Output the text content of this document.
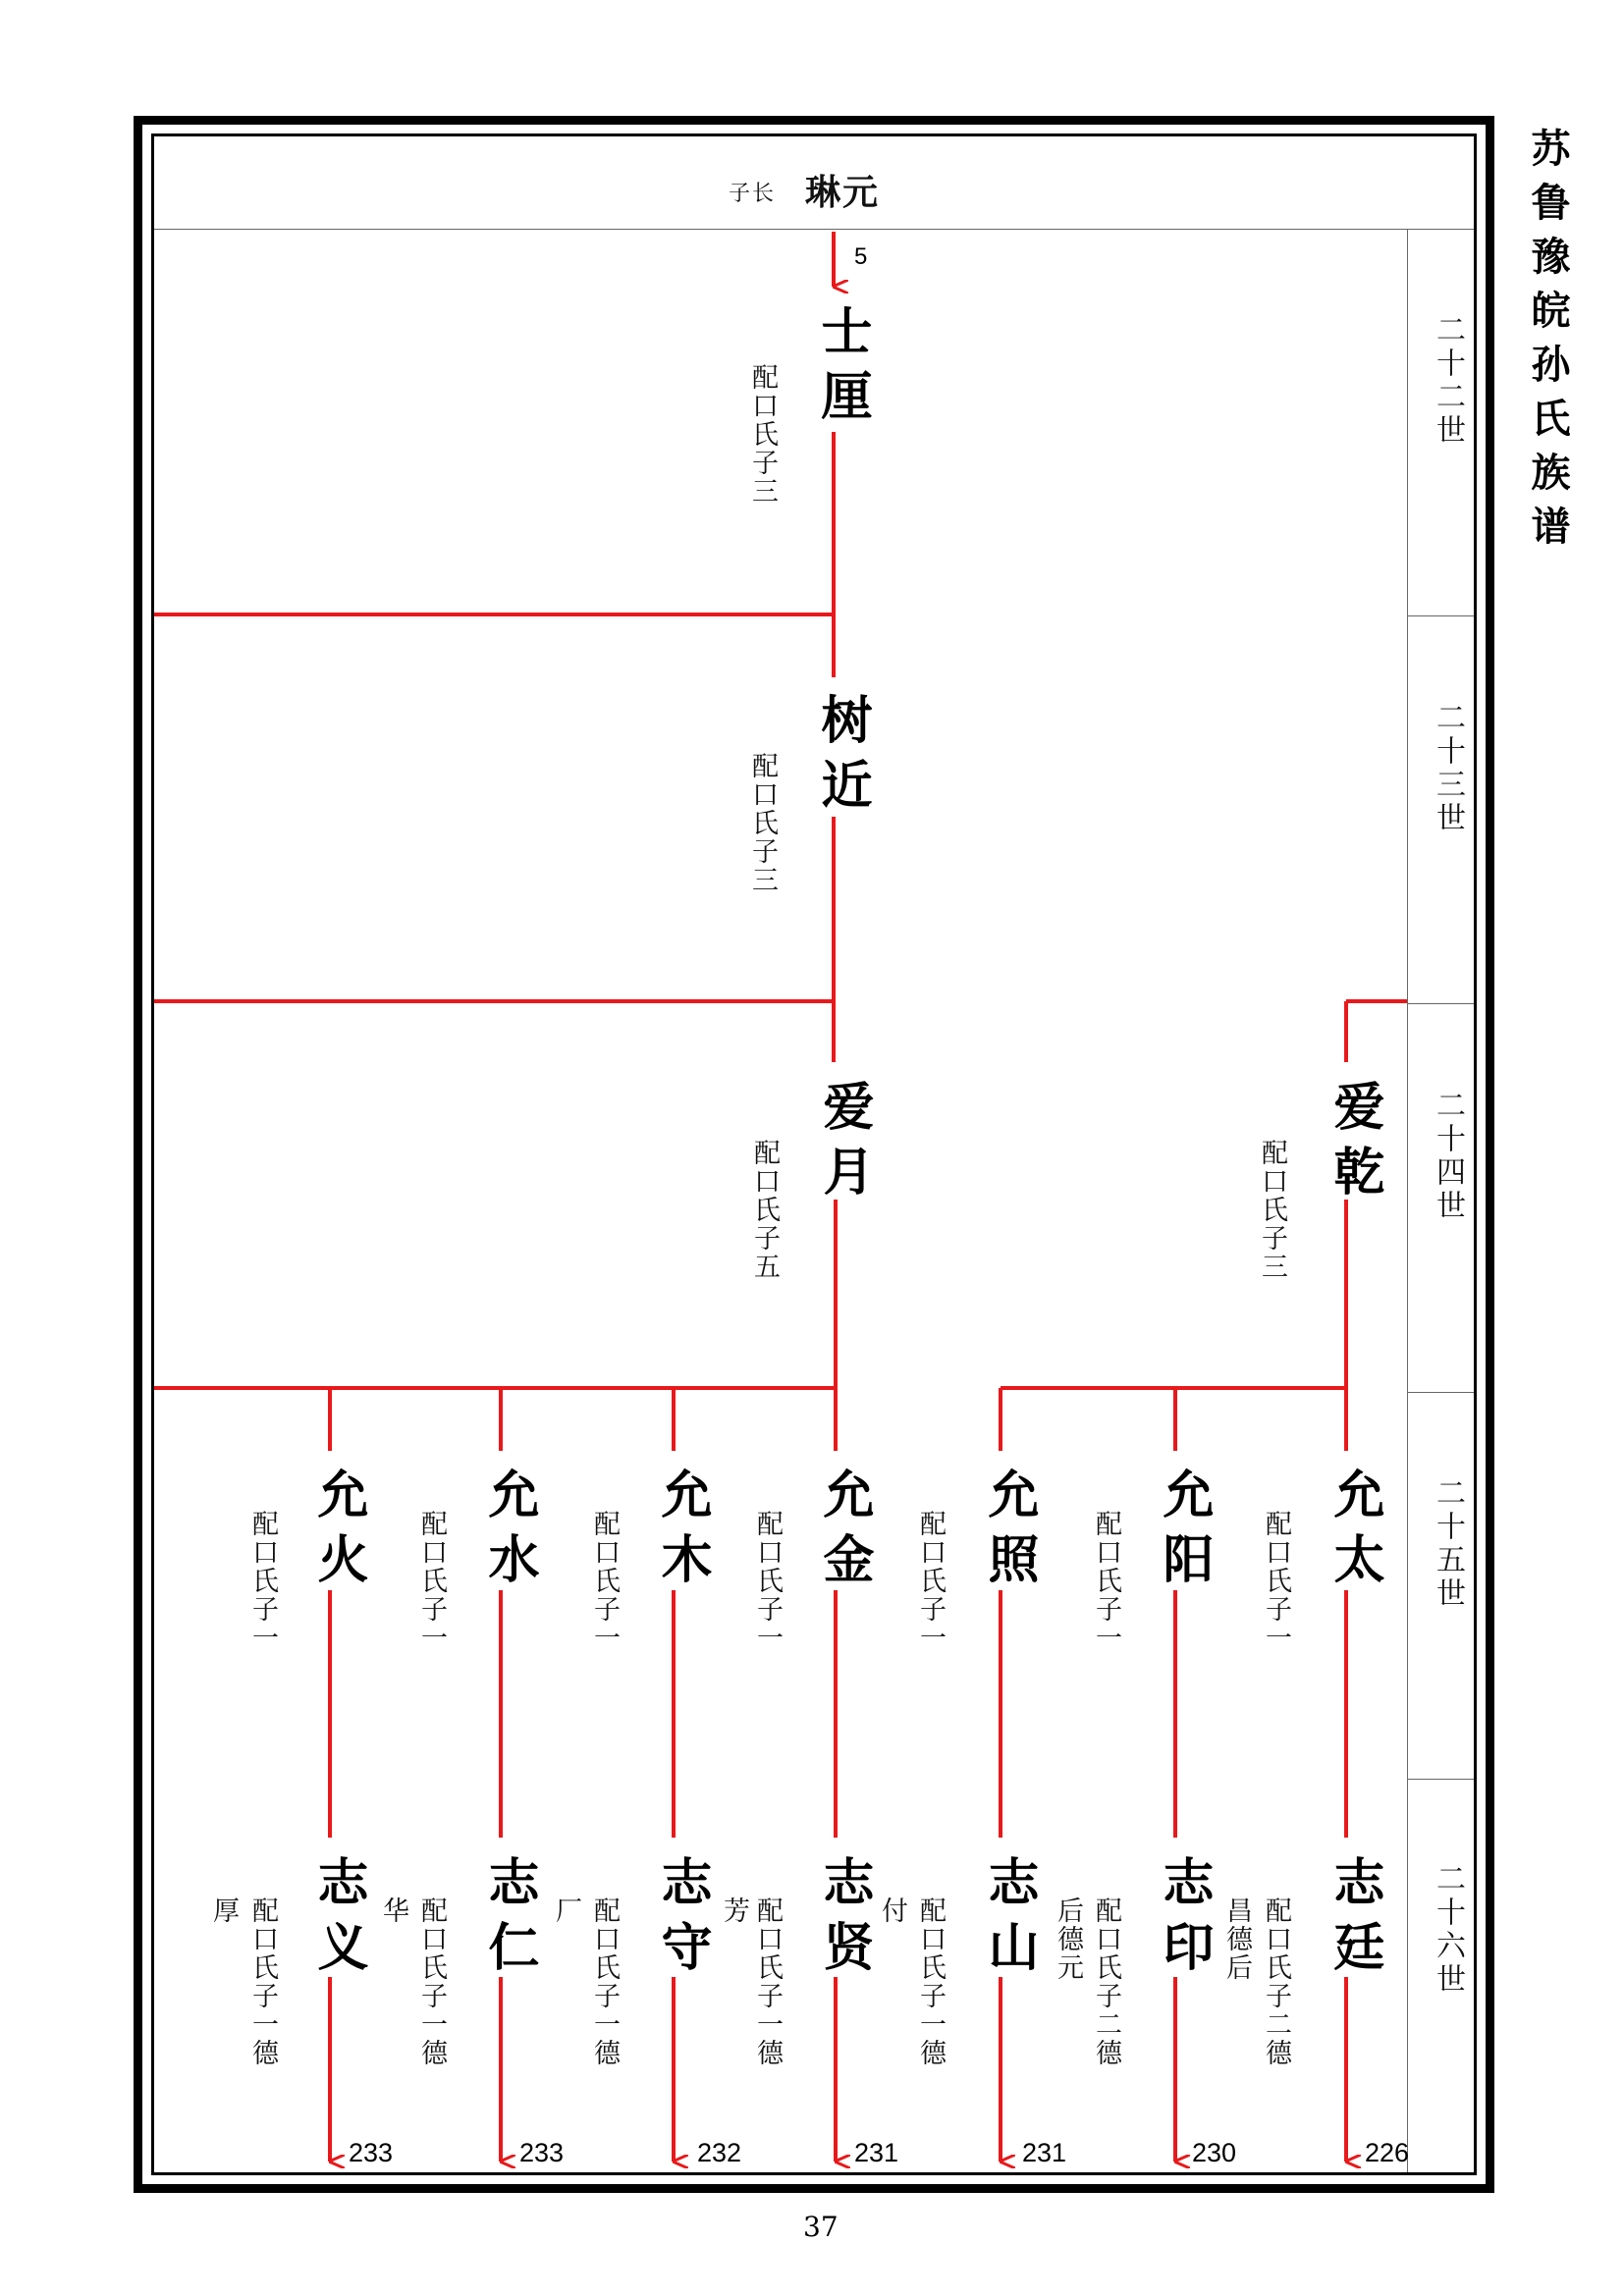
子长 琳元
二十二世
二十三世
二十四世
二十五世
二十六世
苏鲁豫皖孙氏族谱
5
士厘
配口氏子三
树近
配口氏子三
爱月
配口氏子五	爱乾
配口氏子三
允火
配口氏子一	允水
配口氏子一	允木
配口氏子一	允金
配口氏子一	允照
配口氏子一	允阳
配口氏子一	允太
配口氏子一
志义
配口氏子一德
厚
233
志仁
配口氏子一德
华
233
志守
配口氏子一德
厂
232
志贤
配口氏子一德
芳
231
志山
配口氏子一德
付
231
志印
配口氏子二德
后德元
230
志廷
配口氏子二德
昌德后
226
37
